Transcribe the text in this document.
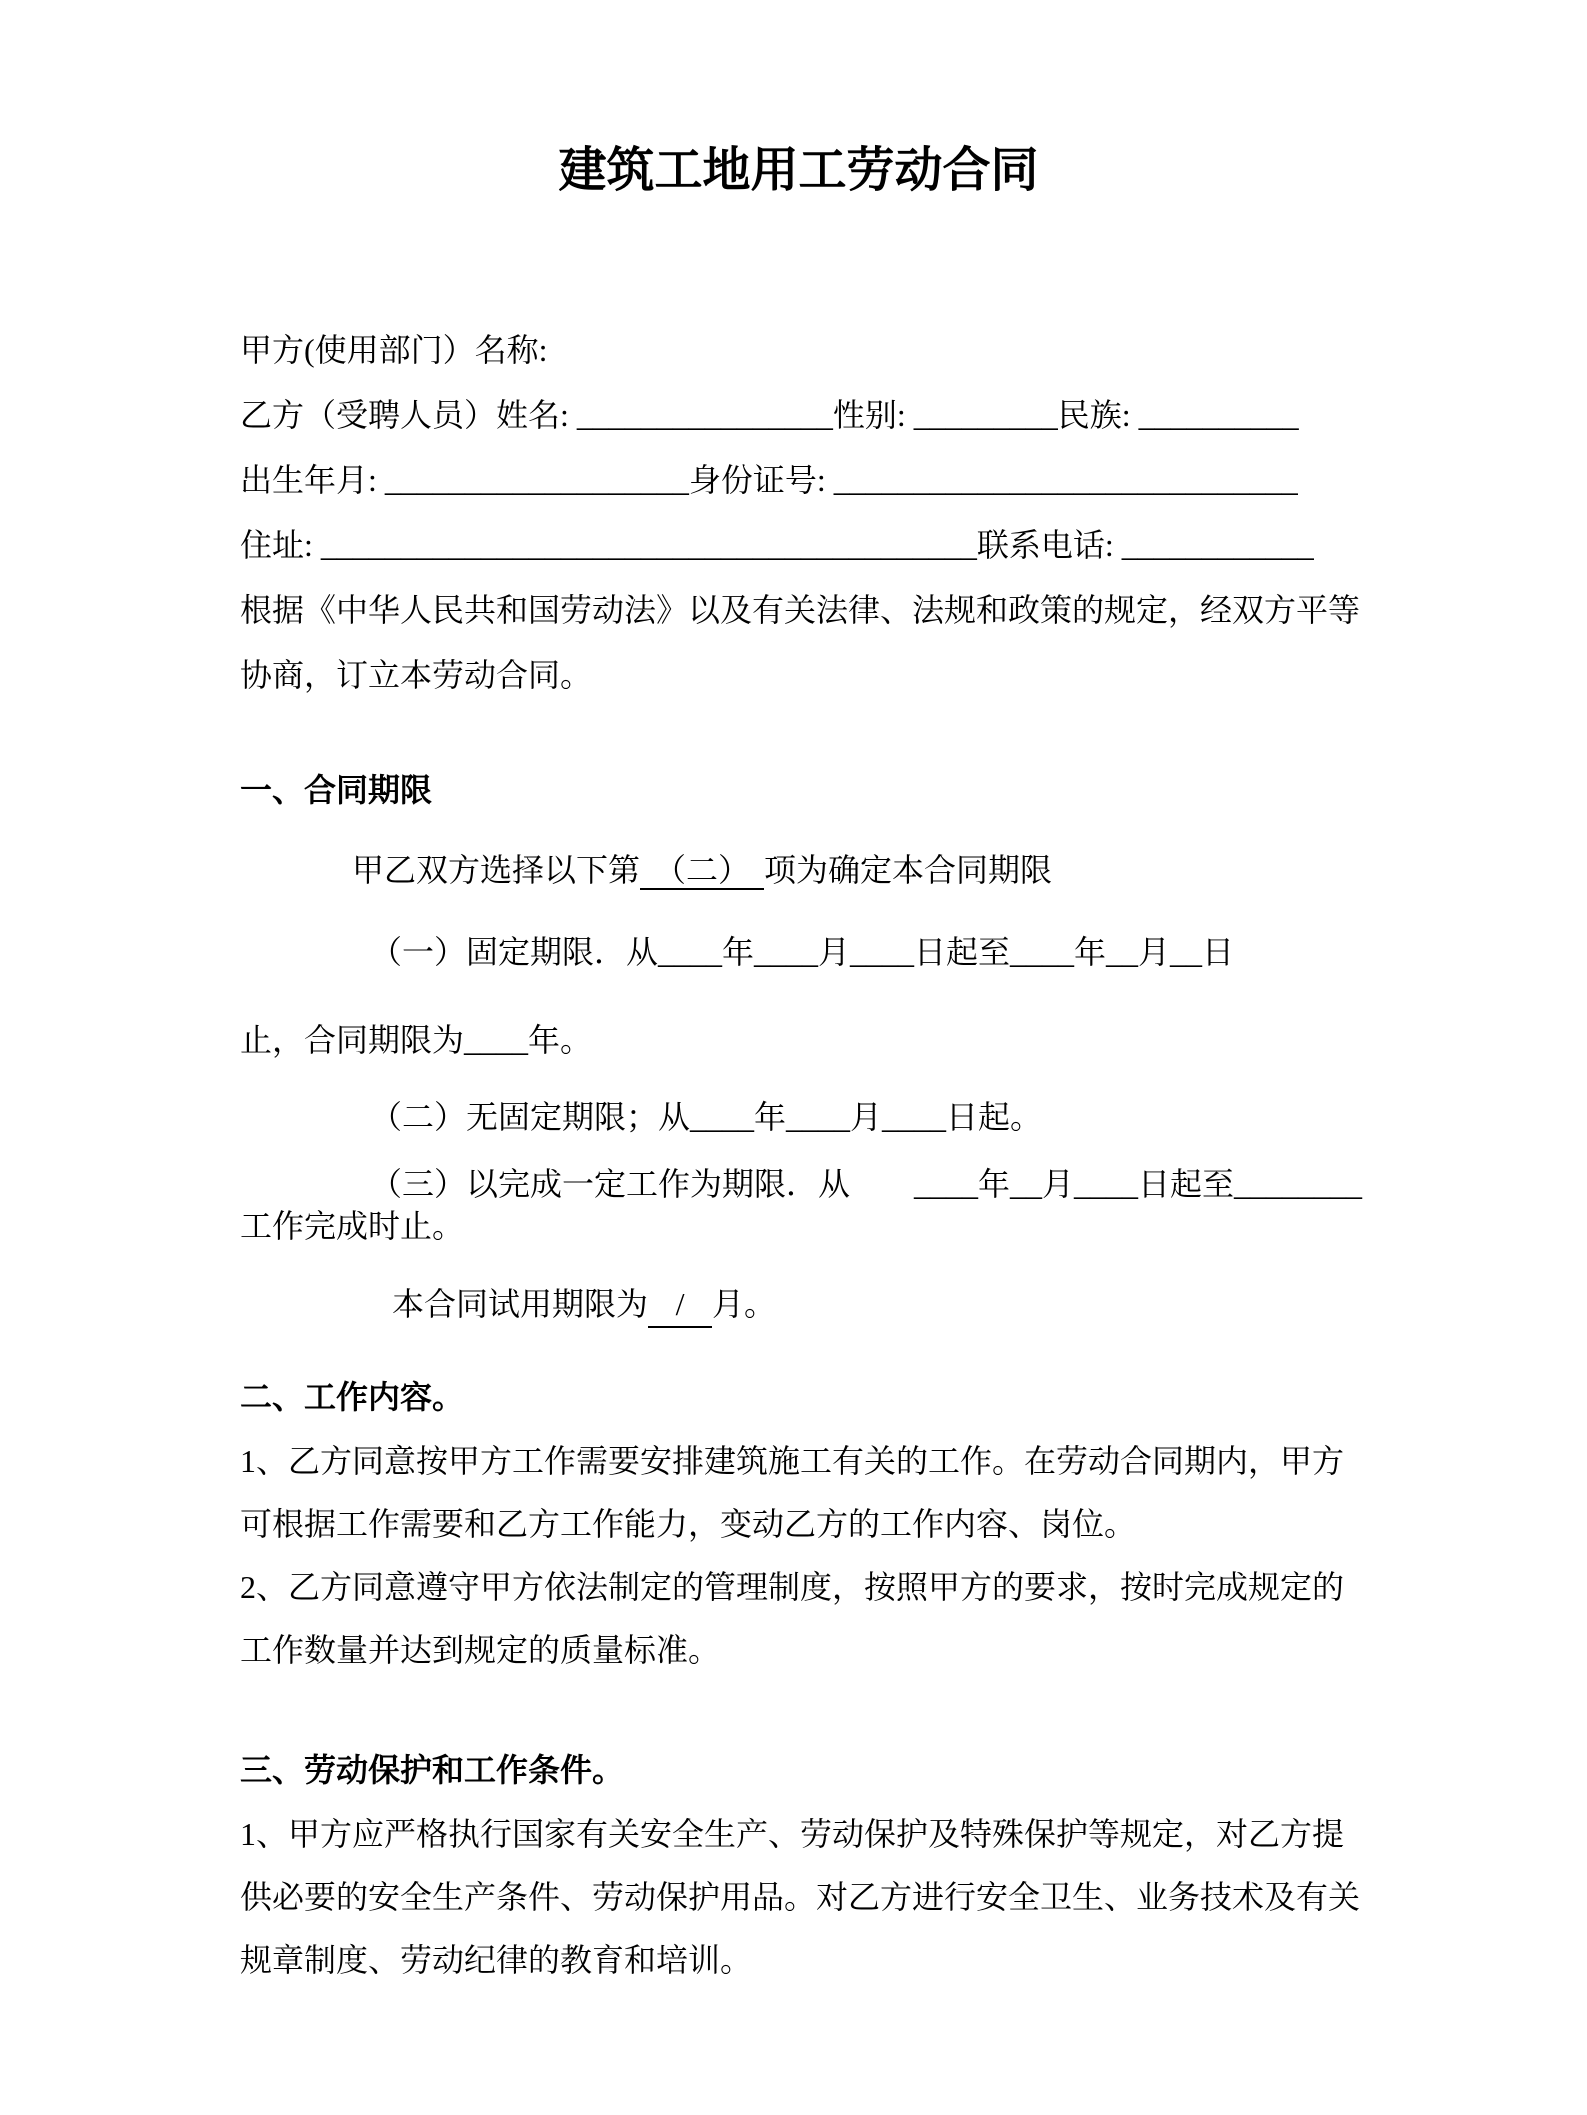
建筑工地用工劳动合同
甲方(使用部门）名称:
乙方（受聘人员）姓名: ________________性别: _________民族: __________
出生年月: ___________________身份证号: _____________________________
住址: _________________________________________联系电话: ____________
根据《中华人民共和国劳动法》以及有关法律、法规和政策的规定，经双方平等
协商，订立本劳动合同。
一、合同期限
甲乙双方选择以下第 （二） 项为确定本合同期限
（一）固定期限．从____年____月____日起至____年__月__日
止，合同期限为____年。
（二）无固定期限；从____年____月____日起。
（三）以完成一定工作为期限．从　　____年__月____日起至________
工作完成时止。
本合同试用期限为 / 月。
二、工作内容。
1、乙方同意按甲方工作需要安排建筑施工有关的工作。在劳动合同期内，甲方
可根据工作需要和乙方工作能力，变动乙方的工作内容、岗位。
2、乙方同意遵守甲方依法制定的管理制度，按照甲方的要求，按时完成规定的
工作数量并达到规定的质量标准。
三、劳动保护和工作条件。
1、甲方应严格执行国家有关安全生产、劳动保护及特殊保护等规定，对乙方提
供必要的安全生产条件、劳动保护用品。对乙方进行安全卫生、业务技术及有关
规章制度、劳动纪律的教育和培训。
